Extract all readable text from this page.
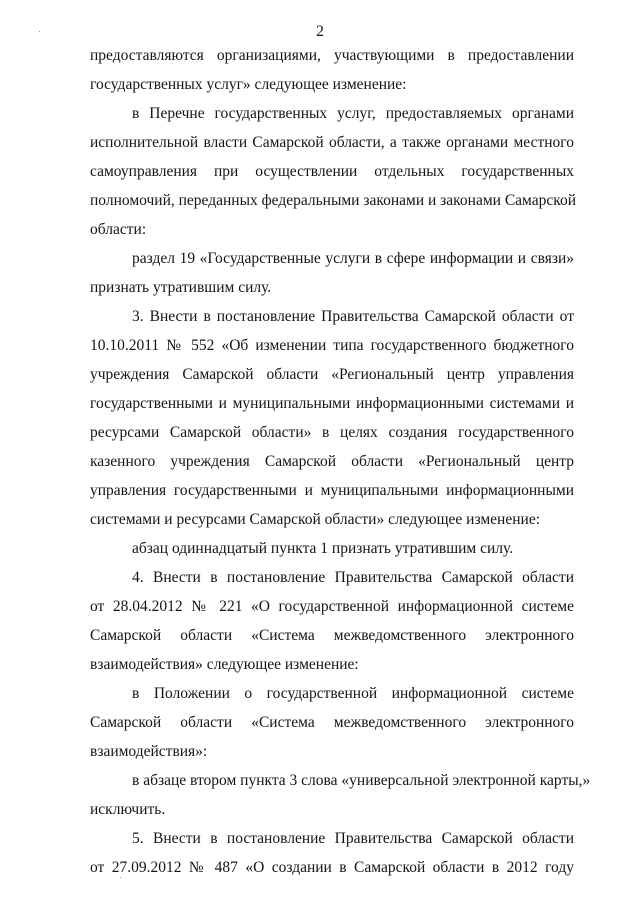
2
предоставляются организациями, участвующими в предоставлении
государственных услуг» следующее изменение:
в Перечне государственных услуг, предоставляемых органами
исполнительной власти Самарской области, а также органами местного
самоуправления при осуществлении отдельных государственных
полномочий, переданных федеральными законами и законами Самарской
области:
раздел 19 «Государственные услуги в сфере информации и связи»
признать утратившим силу.
3. Внести в постановление Правительства Самарской области от
10.10.2011 № 552 «Об изменении типа государственного бюджетного
учреждения Самарской области «Региональный центр управления
государственными и муниципальными информационными системами и
ресурсами Самарской области» в целях создания государственного
казенного учреждения Самарской области «Региональный центр
управления государственными и муниципальными информационными
системами и ресурсами Самарской области» следующее изменение:
абзац одиннадцатый пункта 1 признать утратившим силу.
4. Внести в постановление Правительства Самарской области
от 28.04.2012 № 221 «О государственной информационной системе
Самарской области «Система межведомственного электронного
взаимодействия» следующее изменение:
в Положении о государственной информационной системе
Самарской области «Система межведомственного электронного
взаимодействия»:
в абзаце втором пункта 3 слова «универсальной электронной карты,»
исключить.
5. Внести в постановление Правительства Самарской области
от 27.09.2012 № 487 «О создании в Самарской области в 2012 году
